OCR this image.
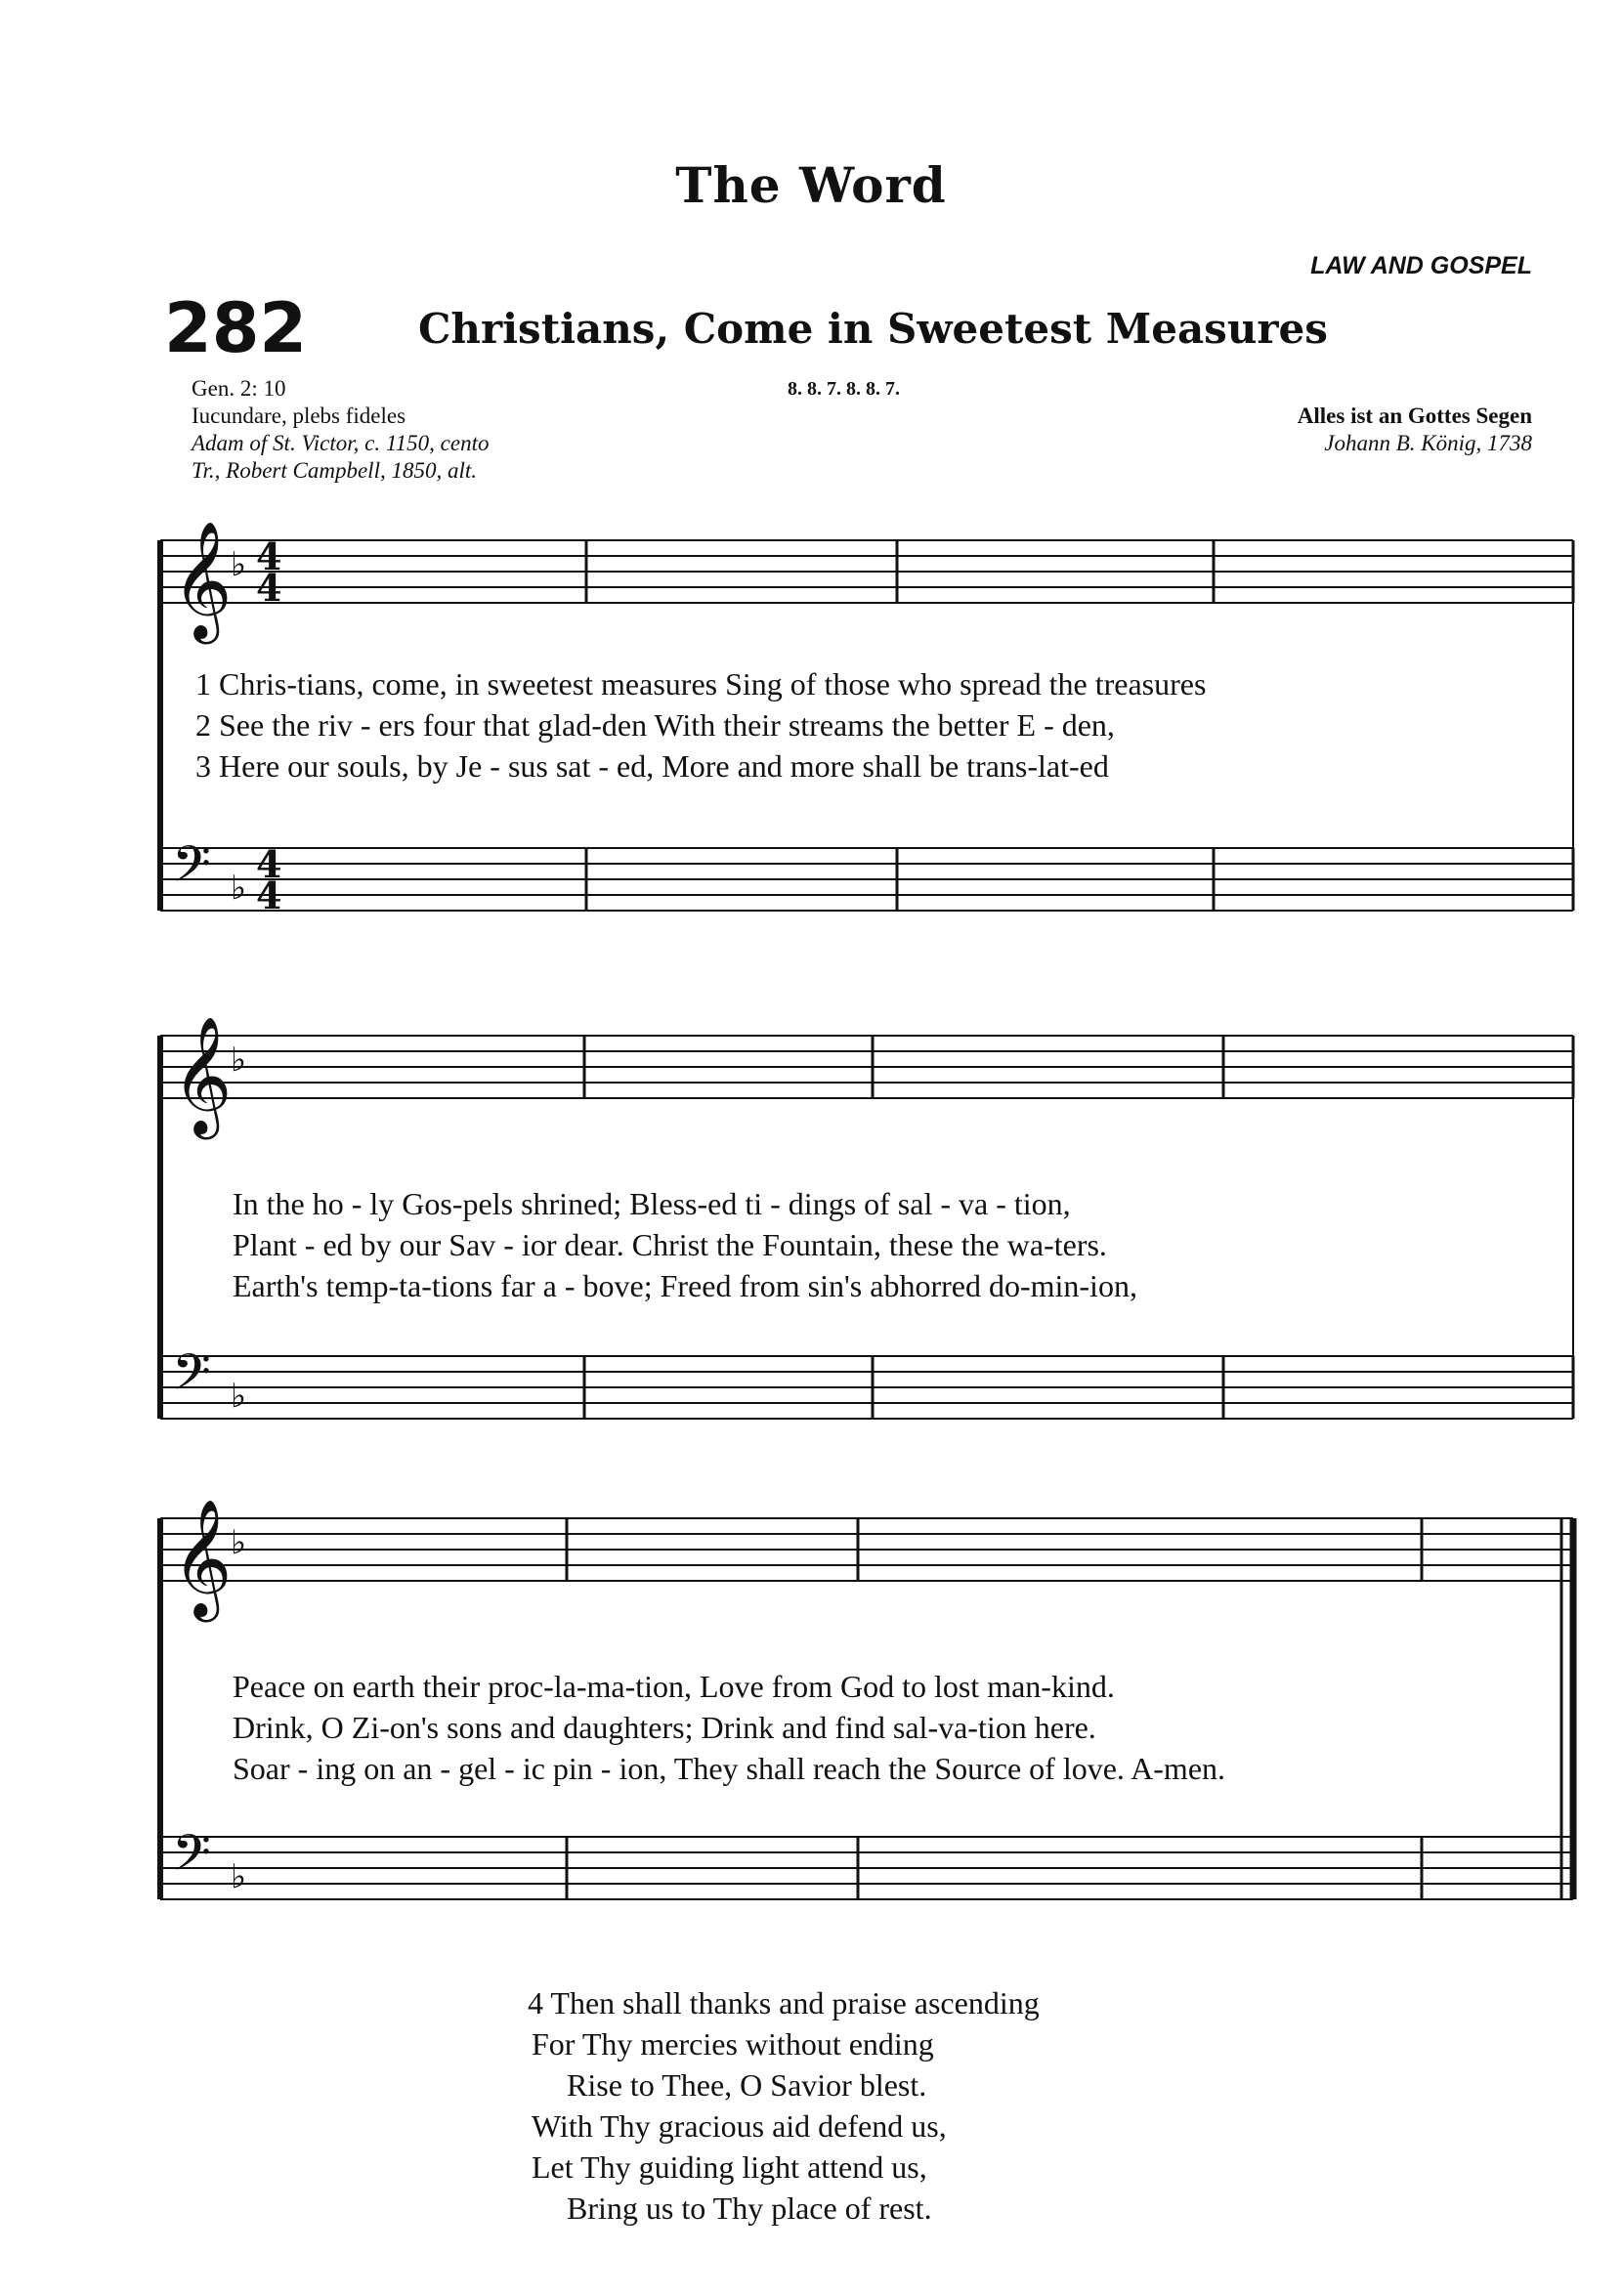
The Word
LAW AND GOSPEL
282	Christians, Come in Sweetest Measures
Gen. 2: 10
Iucundare, plebs fideles
Adam of St. Victor, c. 1150, cento
Tr., Robert Campbell, 1850, alt.
8. 8. 7. 8. 8. 7.
Alles ist an Gottes Segen
Johann B. König, 1738
𝄞
♭ 4
4
𝄢 ♭
4
4
𝄞
♭
𝄢 ♭
𝄞
♭
𝄢 ♭
1 Chris-tians, come, in sweetest measures Sing of those who spread the treasures
2 See the riv - ers four that glad-den With their streams the better E - den,
3 Here our souls, by Je - sus sat - ed, More and more shall be trans-lat-ed
In the ho - ly Gos-pels shrined; Bless-ed ti - dings of sal - va - tion,
Plant - ed by our Sav - ior dear. Christ the Fountain, these the wa-ters.
Earth's temp-ta-tions far a - bove; Freed from sin's abhorred do-min-ion,
Peace on earth their proc-la-ma-tion, Love from God to lost man-kind.
Drink, O Zi-on's sons and daughters; Drink and find sal-va-tion here.
Soar - ing on an - gel - ic pin - ion, They shall reach the Source of love. A-men.
4 Then shall thanks and praise ascending
For Thy mercies without ending
Rise to Thee, O Savior blest.
With Thy gracious aid defend us,
Let Thy guiding light attend us,
Bring us to Thy place of rest.
